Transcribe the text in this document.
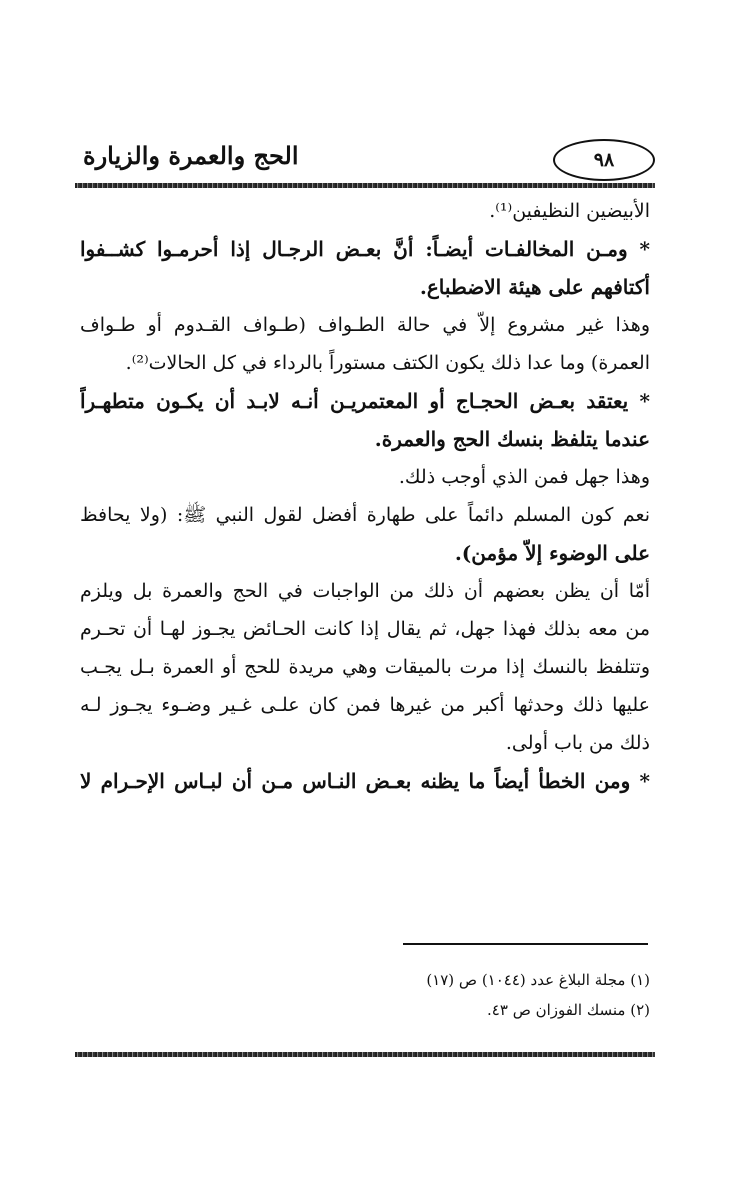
٩٨
الحج والعمرة والزيارة
الأبيضين النظيفين⁽¹⁾.
* ومـن المخالفـات أيضـاً: أنَّ بعـض الرجـال إذا أحرمـوا كشــفوا
أكتافهم على هيئة الاضطباع.
وهذا غير مشروع إلاّ في حالة الطـواف (طـواف القـدوم أو طـواف
العمرة) وما عدا ذلك يكون الكتف مستوراً بالرداء في كل الحالات⁽²⁾.
* يعتقد بعـض الحجـاج أو المعتمريـن أنـه لابـد أن يكـون متطهـراً
عندما يتلفظ بنسك الحج والعمرة.
وهذا جهل فمن الذي أوجب ذلك.
نعم كون المسلم دائماً على طهارة أفضل لقول النبي ﷺ: (ولا يحافظ
على الوضوء إلاّ مؤمن).
أمّا أن يظن بعضهم أن ذلك من الواجبات في الحج والعمرة بل ويلزم
من معه بذلك فهذا جهل، ثم يقال إذا كانت الحـائض يجـوز لهـا أن تحـرم
وتتلفظ بالنسك إذا مرت بالميقات وهي مريدة للحج أو العمرة بـل يجـب
عليها ذلك وحدثها أكبر من غيرها فمن كان علـى غـير وضـوء يجـوز لـه
ذلك من باب أولى.
* ومن الخطأ أيضاً ما يظنه بعـض النـاس مـن أن لبـاس الإحـرام لا
(١) مجلة البلاغ عدد (١٠٤٤) ص (١٧)
(٢) منسك الفوزان ص ٤٣.
